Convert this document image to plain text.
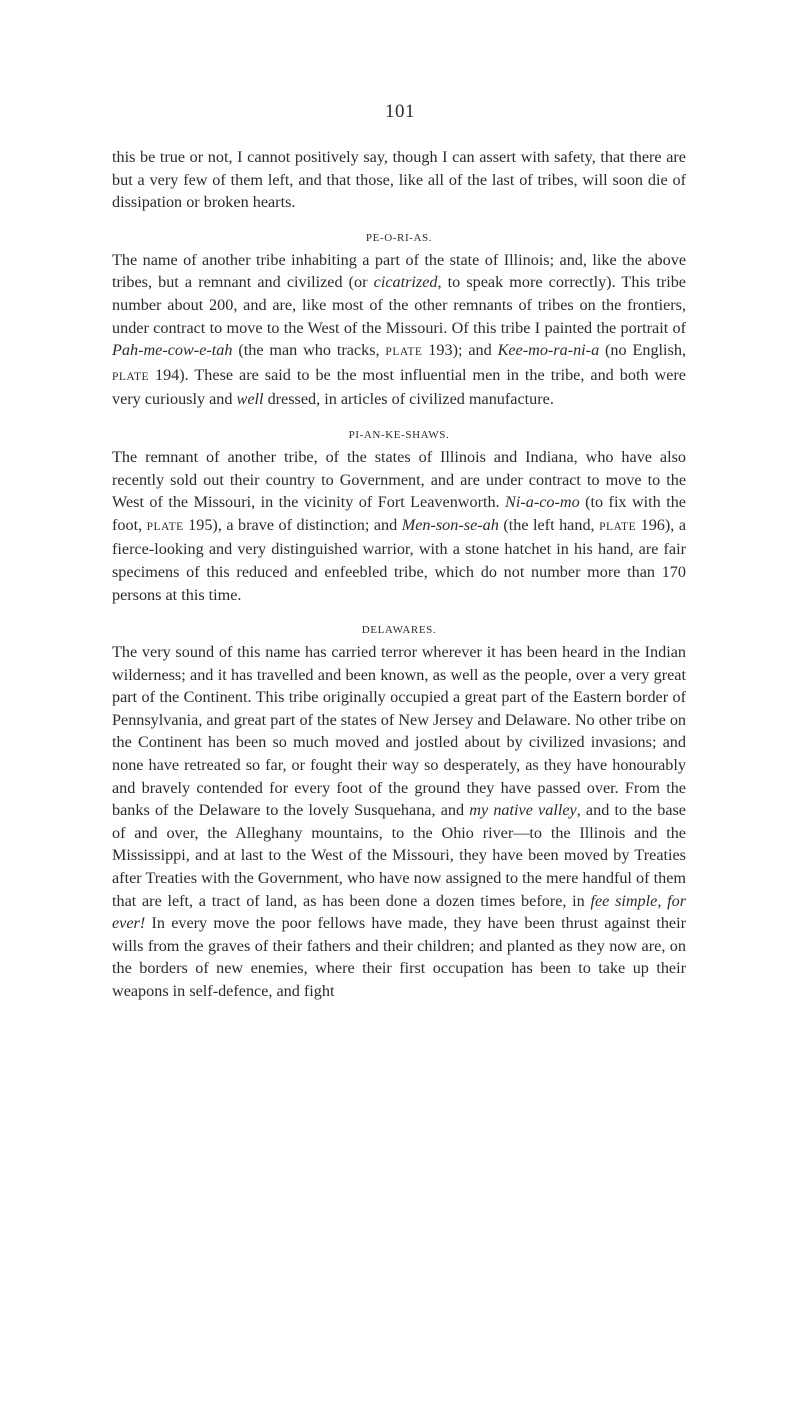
101

this be true or not, I cannot positively say, though I can assert with safety, that there are but a very few of them left, and that those, like all of the last of tribes, will soon die of dissipation or broken hearts.

PE-O-RI-AS.

The name of another tribe inhabiting a part of the state of Illinois; and, like the above tribes, but a remnant and civilized (or cicatrized, to speak more correctly). This tribe number about 200, and are, like most of the other remnants of tribes on the frontiers, under contract to move to the West of the Missouri. Of this tribe I painted the portrait of Pah-me-cow-e-tah (the man who tracks, PLATE 193); and Kee-mo-ra-ni-a (no English, PLATE 194). These are said to be the most influential men in the tribe, and both were very curiously and well dressed, in articles of civilized manufacture.

PI-AN-KE-SHAWS.

The remnant of another tribe, of the states of Illinois and Indiana, who have also recently sold out their country to Government, and are under contract to move to the West of the Missouri, in the vicinity of Fort Leavenworth. Ni-a-co-mo (to fix with the foot, PLATE 195), a brave of distinction; and Men-son-se-ah (the left hand, PLATE 196), a fierce-looking and very distinguished warrior, with a stone hatchet in his hand, are fair specimens of this reduced and enfeebled tribe, which do not number more than 170 persons at this time.

DELAWARES.

The very sound of this name has carried terror wherever it has been heard in the Indian wilderness; and it has travelled and been known, as well as the people, over a very great part of the Continent. This tribe originally occupied a great part of the Eastern border of Pennsylvania, and great part of the states of New Jersey and Delaware. No other tribe on the Continent has been so much moved and jostled about by civilized invasions; and none have retreated so far, or fought their way so desperately, as they have honourably and bravely contended for every foot of the ground they have passed over. From the banks of the Delaware to the lovely Susquehana, and my native valley, and to the base of and over, the Alleghany mountains, to the Ohio river—to the Illinois and the Mississippi, and at last to the West of the Missouri, they have been moved by Treaties after Treaties with the Government, who have now assigned to the mere handful of them that are left, a tract of land, as has been done a dozen times before, in fee simple, for ever! In every move the poor fellows have made, they have been thrust against their wills from the graves of their fathers and their children; and planted as they now are, on the borders of new enemies, where their first occupation has been to take up their weapons in self-defence, and fight
